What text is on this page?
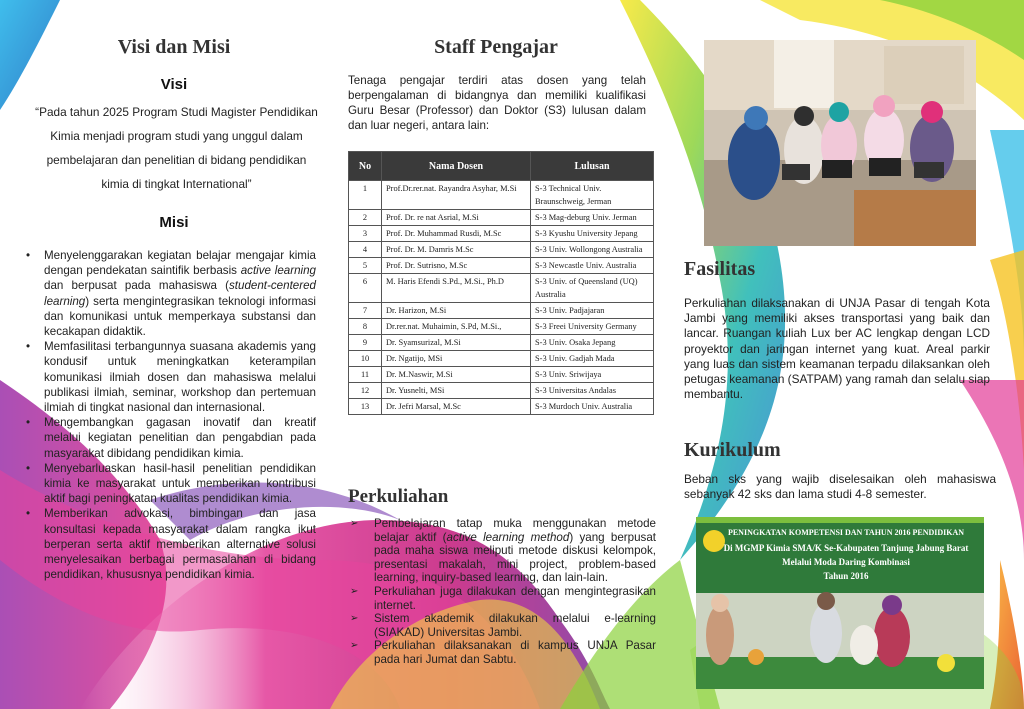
Visi dan Misi
Visi
“Pada tahun 2025 Program Studi Magister Pendidikan Kimia menjadi program studi yang unggul dalam pembelajaran dan penelitian di bidang pendidikan kimia di tingkat International”
Misi
• Menyelenggarakan kegiatan belajar mengajar kimia dengan pendekatan saintifik berbasis active learning dan berpusat pada mahasiswa (student-centered learning) serta mengintegrasikan teknologi informasi dan komunikasi untuk memperkaya substansi dan kecakapan didaktik.
• Memfasilitasi terbangunnya suasana akademis yang kondusif untuk meningkatkan keterampilan komunikasi ilmiah dosen dan mahasiswa melalui publikasi ilmiah, seminar, workshop dan pertemuan ilmiah di tingkat nasional dan internasional.
• Mengembangkan gagasan inovatif dan kreatif melalui kegiatan penelitian dan pengabdian pada masyarakat dibidang pendidikan kimia.
• Menyebarluaskan hasil-hasil penelitian pendidikan kimia ke masyarakat untuk memberikan kontribusi aktif bagi peningkatan kualitas pendidikan kimia.
• Memberikan advokasi, bimbingan dan jasa konsultasi kepada masyarakat dalam rangka ikut berperan serta aktif memberikan alternative solusi menyelesaikan berbagai permasalahan di bidang pendidikan, khususnya pendidikan kimia.
Staff Pengajar
Tenaga pengajar terdiri atas dosen yang telah berpengalaman di bidangnya dan memiliki kualifikasi Guru Besar (Professor) dan Doktor (S3) lulusan dalam dan luar negeri, antara lain:
No	Nama Dosen	Lulusan
1	Prof.Dr.rer.nat. Rayandra Asyhar, M.Si	S-3 Technical Univ. Braunschweig, Jerman
2	Prof. Dr. re nat Asrial, M.Si	S-3 Mag-deburg Univ. Jerman
3	Prof. Dr. Muhammad Rusdi, M.Sc	S-3 Kyushu University Jepang
4	Prof. Dr. M. Damris M.Sc	S-3 Univ. Wollongong Australia
5	Prof. Dr. Sutrisno, M.Sc	S-3 Newcastle Univ. Australia
6	M. Haris Efendi S.Pd., M.Si., Ph.D	S-3 Univ. of Queensland (UQ) Australia
7	Dr. Harizon, M.Si	S-3 Univ. Padjajaran
8	Dr.rer.nat. Muhaimin, S.Pd, M.Si.,	S-3 Freei University Germany
9	Dr. Syamsurizal, M.Si	S-3 Univ. Osaka Jepang
10	Dr. Ngatijo, MSi	S-3 Univ. Gadjah Mada
11	Dr. M.Naswir, M.Si	S-3 Univ. Sriwijaya
12	Dr. Yusnelti, MSi	S-3 Universitas Andalas
13	Dr. Jefri Marsal, M.Sc	S-3 Murdoch Univ. Australia
Perkuliahan
➢ Pembelajaran tatap muka menggunakan metode belajar aktif (active learning method) yang berpusat pada maha siswa meliputi metode diskusi kelompok, presentasi makalah, mini project, problem-based learning, inquiry-based learning, dan lain-lain.
➢ Perkuliahan juga dilakukan dengan mengintegrasikan internet.
➢ Sistem akademik dilakukan melalui e-learning (SIAKAD) Universitas Jambi.
➢ Perkuliahan dilaksanakan di kampus UNJA Pasar pada hari Jumat dan Sabtu.
Fasilitas
Perkuliahan dilaksanakan di UNJA Pasar di tengah Kota Jambi yang memiliki akses transportasi yang baik dan lancar. Ruangan kuliah Lux ber AC lengkap dengan LCD proyektor dan jaringan internet yang kuat. Areal parkir yang luas dan sistem keamanan terpadu dilaksankan oleh petugas keamanan (SATPAM) yang ramah dan selalu siap membantu.
Kurikulum
Beban sks yang wajib diselesaikan oleh mahasiswa sebanyak 42 sks dan lama studi 4-8 semester.
PENINGKATAN KOMPETENSI DAN TAHUN 2016 PENDIDIKAN
Di MGMP Kimia SMA/K Se-Kabupaten Tanjung Jabung Barat
Melalui Moda Daring Kombinasi
Tahun 2016
